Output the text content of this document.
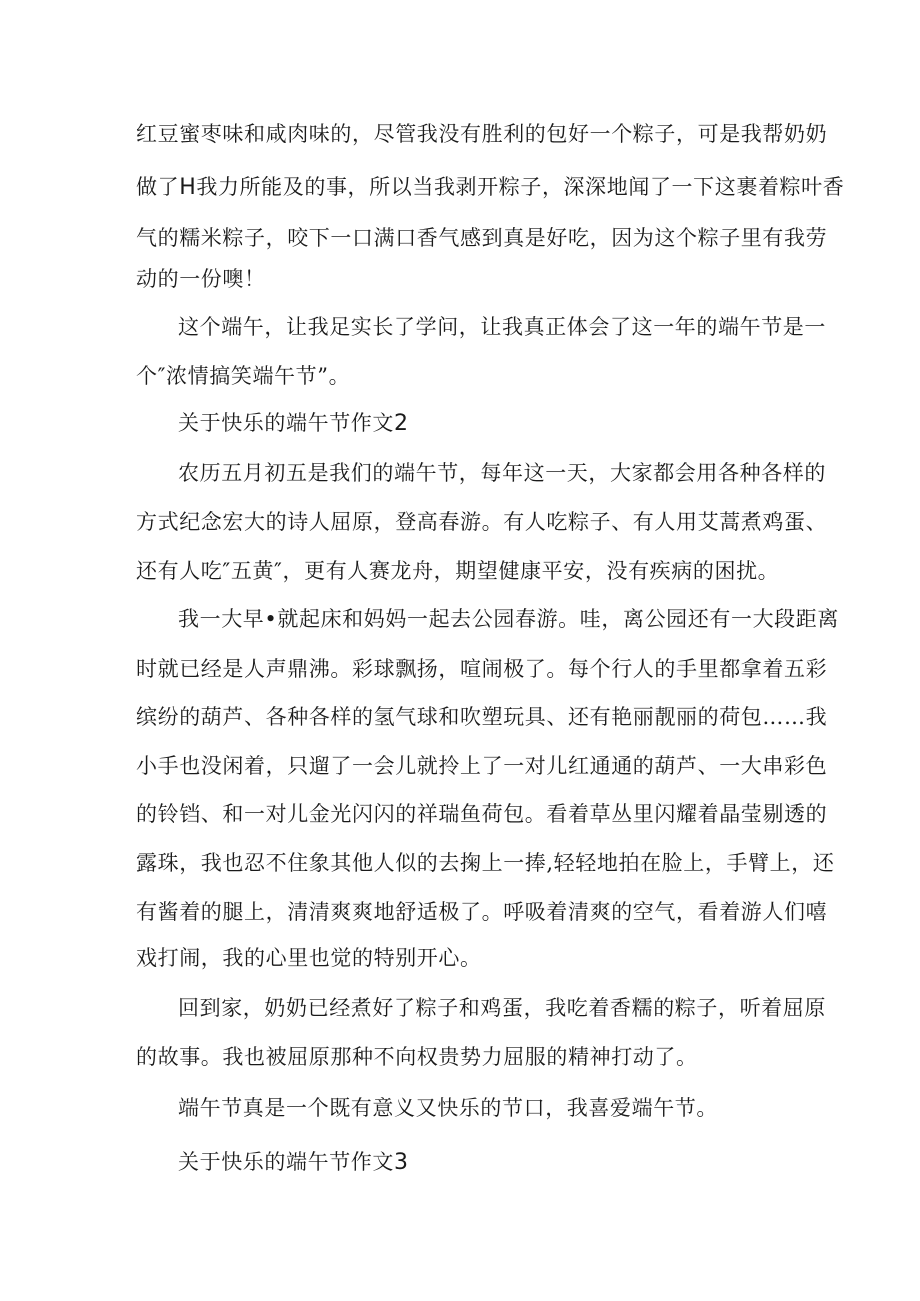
红豆蜜枣味和咸肉味的，尽管我没有胜利的包好一个粽子，可是我帮奶奶
做了H我力所能及的事，所以当我剥开粽子，深深地闻了一下这裹着粽叶香
气的糯米粽子，咬下一口满口香气感到真是好吃，因为这个粽子里有我劳
动的一份噢！
这个端午，让我足实长了学问，让我真正体会了这一年的端午节是一
个″浓情搞笑端午节”。
关于快乐的端午节作文2
农历五月初五是我们的端午节，每年这一天，大家都会用各种各样的
方式纪念宏大的诗人屈原，登高春游。有人吃粽子、有人用艾蒿煮鸡蛋、
还有人吃″五黄″，更有人赛龙舟，期望健康平安，没有疾病的困扰。
我一大早•就起床和妈妈一起去公园春游。哇，离公园还有一大段距离
时就已经是人声鼎沸。彩球飘扬，喧闹极了。每个行人的手里都拿着五彩
缤纷的葫芦、各种各样的氢气球和吹塑玩具、还有艳丽靓丽的荷包……我
小手也没闲着，只遛了一会儿就拎上了一对儿红通通的葫芦、一大串彩色
的铃铛、和一对儿金光闪闪的祥瑞鱼荷包。看着草丛里闪耀着晶莹剔透的
露珠，我也忍不住象其他人似的去掬上一捧,轻轻地拍在脸上，手臂上，还
有酱着的腿上，清清爽爽地舒适极了。呼吸着清爽的空气，看着游人们嘻
戏打闹，我的心里也觉的特别开心。
回到家，奶奶已经煮好了粽子和鸡蛋，我吃着香糯的粽子，听着屈原
的故事。我也被屈原那种不向权贵势力屈服的精神打动了。
端午节真是一个既有意义又快乐的节口，我喜爱端午节。
关于快乐的端午节作文3
